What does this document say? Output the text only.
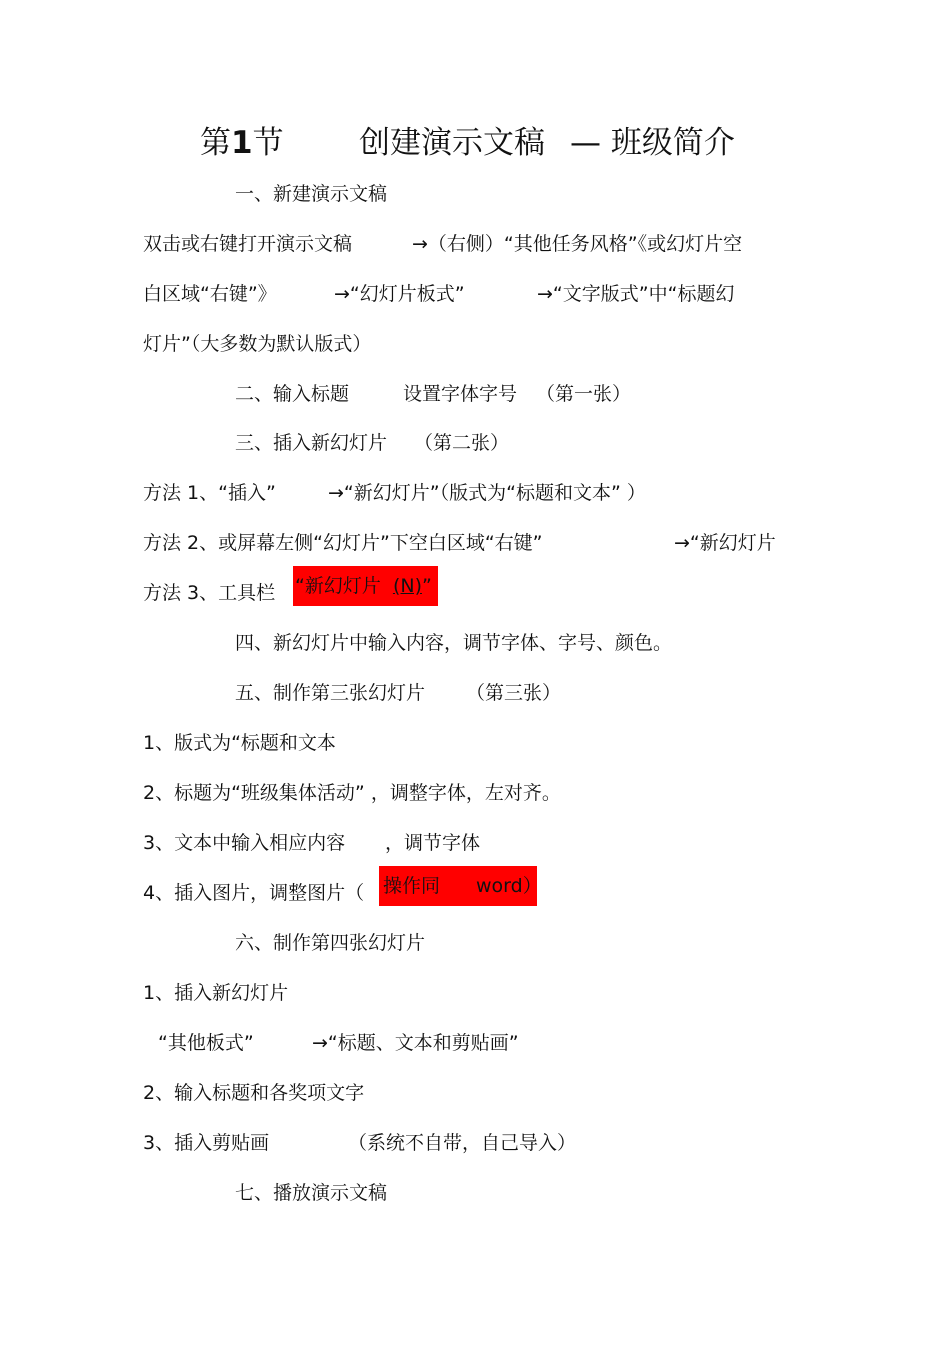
第1节 创建演示文稿 — 班级简介
一、新建演示文稿
双击或右键打开演示文稿	→（右侧）“其他任务风格”《或幻灯片空
白区域“右键”》	→“幻灯片板式”	→“文字版式”中“标题幻
灯片”（大多数为默认版式）
二、输入标题	设置字体字号 （第一张）
三、插入新幻灯片 （第二张）
方法 1、“插入”	→“新幻灯片”（版式为“标题和文本” ）
方法 2、或屏幕左侧“幻灯片”下空白区域“右键”	→“新幻灯片
方法 3、工具栏 “新幻灯片 (N)”
四、新幻灯片中输入内容，调节字体、字号、颜色。
五、制作第三张幻灯片 （第三张）
1、版式为“标题和文本
2、标题为“班级集体活动” ，调整字体，左对齐。
3、文本中输入相应内容 ，调节字体
4、插入图片，调整图片（ 操作同 word）
六、制作第四张幻灯片
1、插入新幻灯片
“其他板式”	→“标题、文本和剪贴画”
2、输入标题和各奖项文字
3、插入剪贴画	（系统不自带，自己导入）
七、播放演示文稿
